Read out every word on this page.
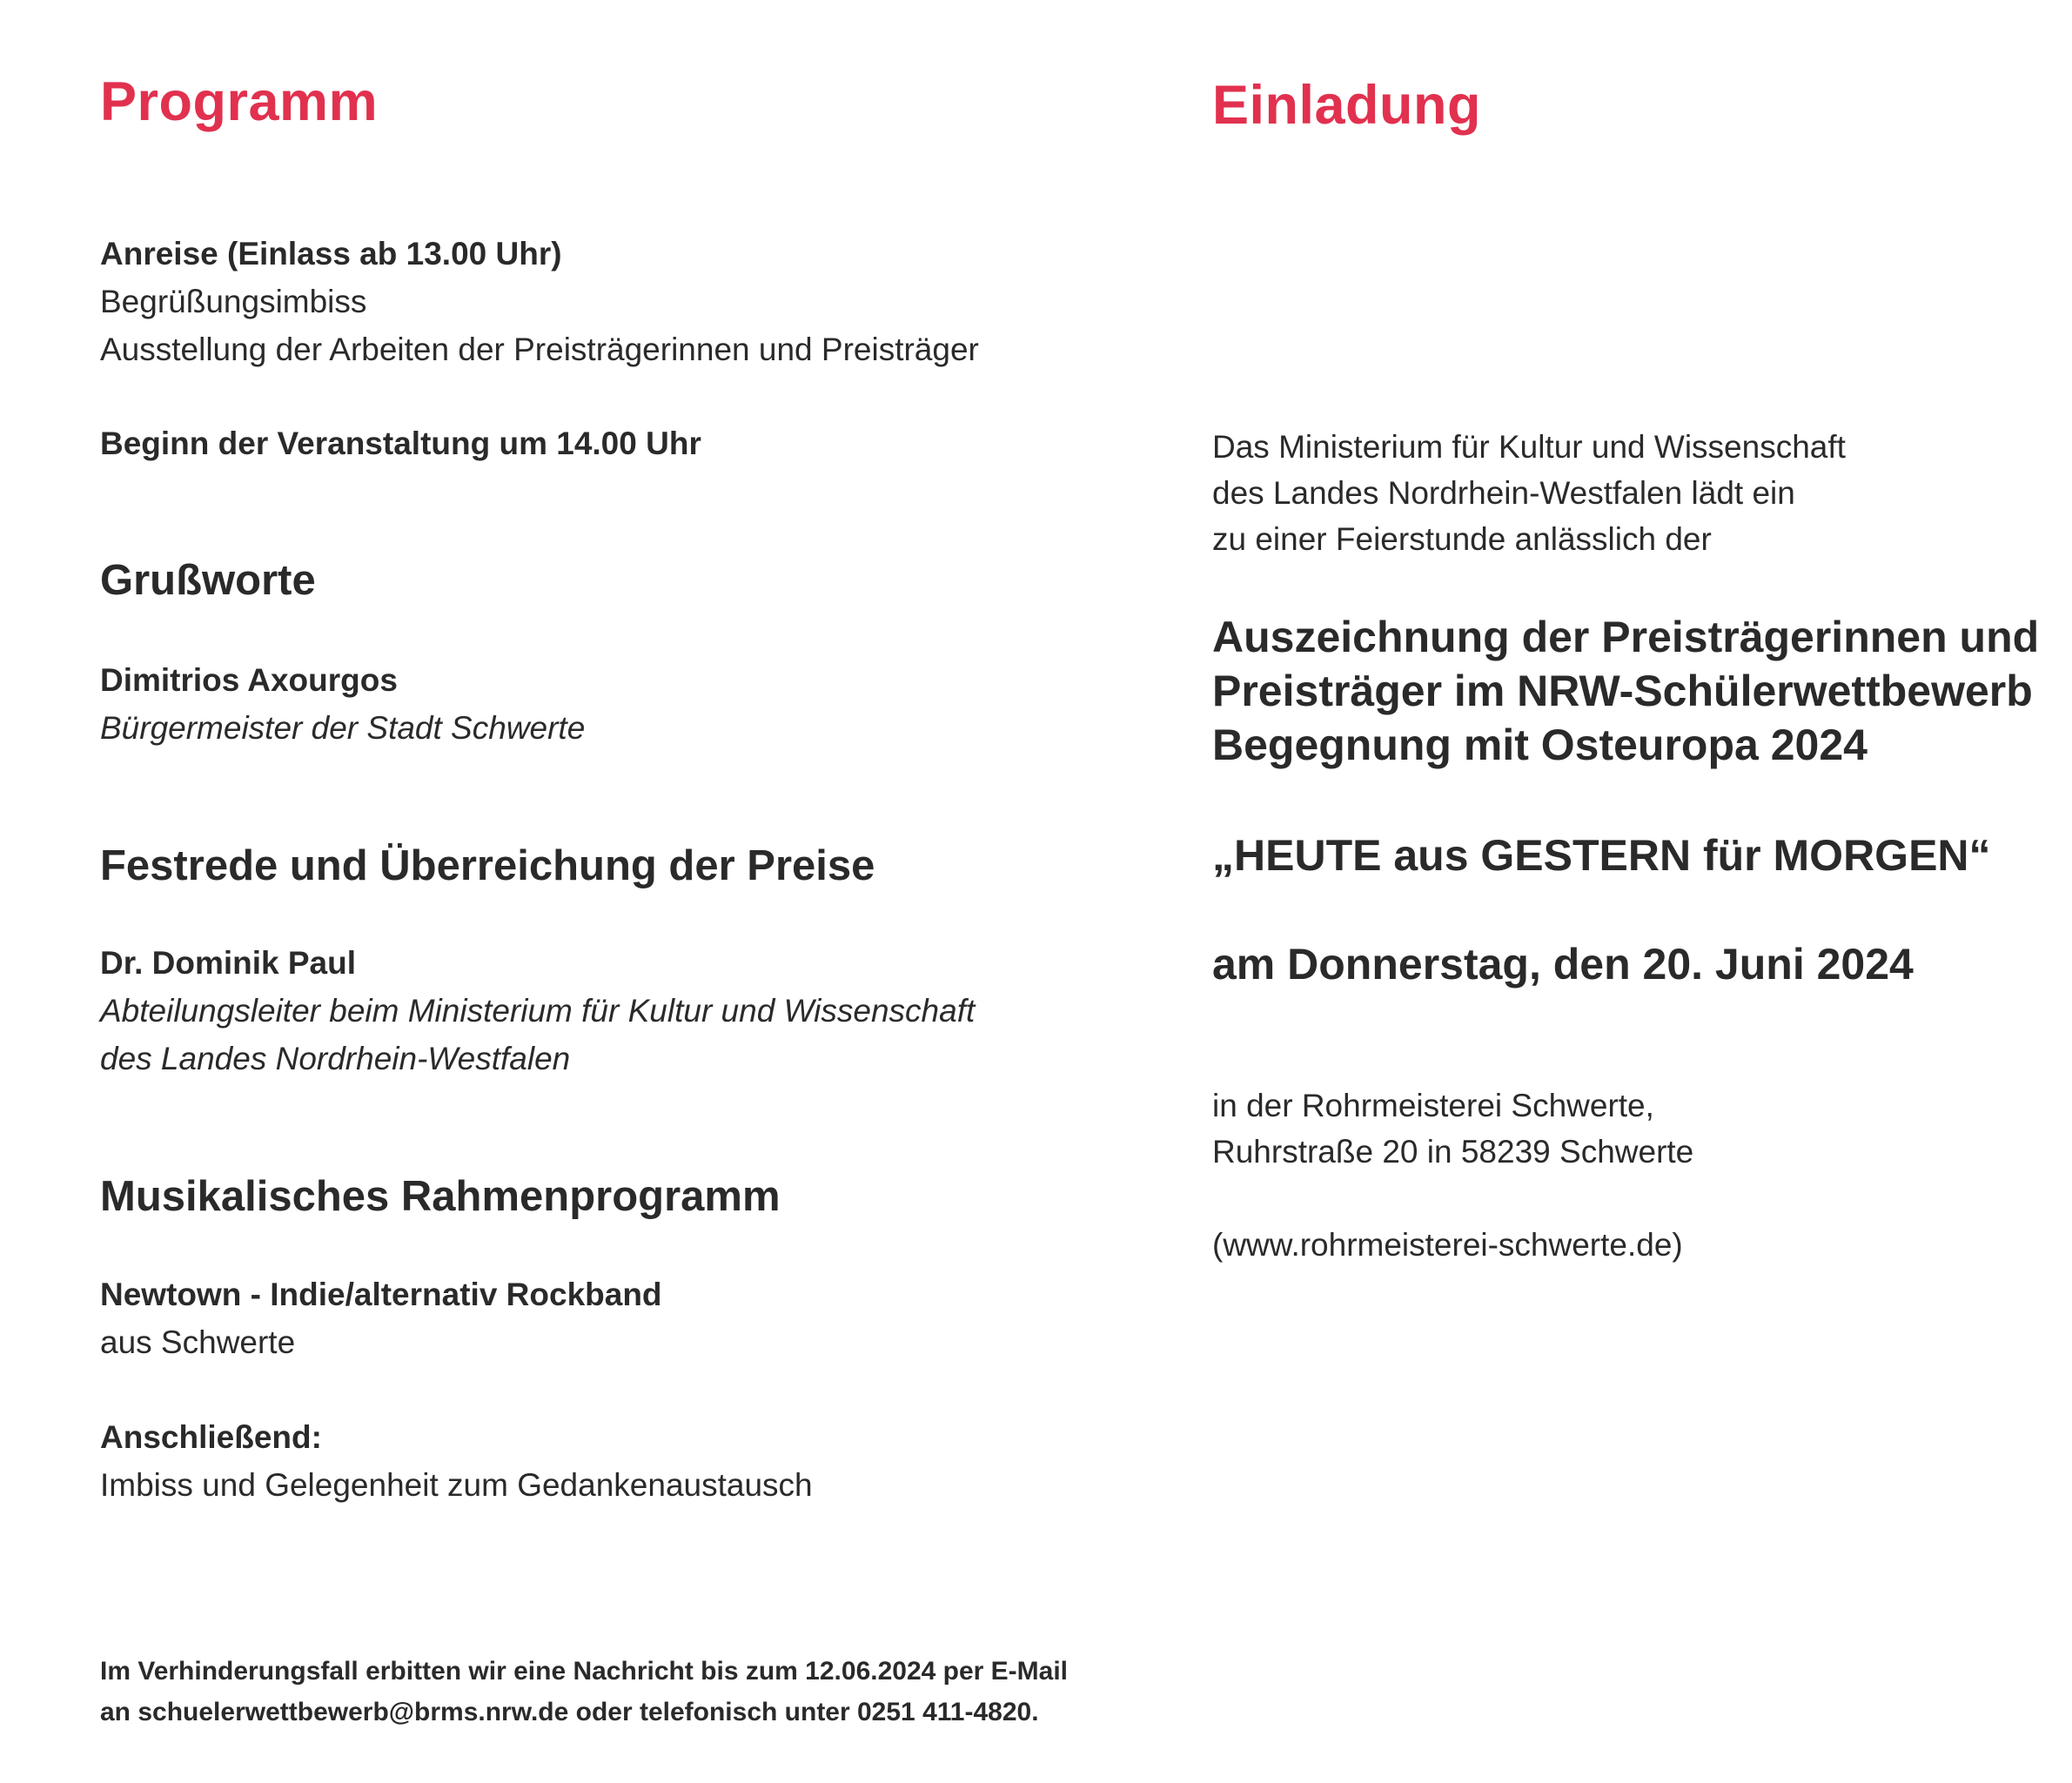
Programm
Anreise (Einlass ab 13.00 Uhr)
Begrüßungsimbiss
Ausstellung der Arbeiten der Preisträgerinnen und Preisträger
Beginn der Veranstaltung um 14.00 Uhr
Grußworte
Dimitrios Axourgos
Bürgermeister der Stadt Schwerte
Festrede und Überreichung der Preise
Dr. Dominik Paul
Abteilungsleiter beim Ministerium für Kultur und Wissenschaft
des Landes Nordrhein-Westfalen
Musikalisches Rahmenprogramm
Newtown - Indie/alternativ Rockband
aus Schwerte
Anschließend:
Imbiss und Gelegenheit zum Gedankenaustausch
Im Verhinderungsfall erbitten wir eine Nachricht bis zum 12.06.2024 per E-Mail
an schuelerwettbewerb@brms.nrw.de oder telefonisch unter 0251 411-4820.
Einladung
Das Ministerium für Kultur und Wissenschaft
des Landes Nordrhein-Westfalen lädt ein
zu einer Feierstunde anlässlich der
Auszeichnung der Preisträgerinnen und
Preisträger im NRW-Schülerwettbewerb
Begegnung mit Osteuropa 2024
„HEUTE aus GESTERN für MORGEN“
am Donnerstag, den 20. Juni 2024
in der Rohrmeisterei Schwerte,
Ruhrstraße 20 in 58239 Schwerte
(www.rohrmeisterei-schwerte.de)
